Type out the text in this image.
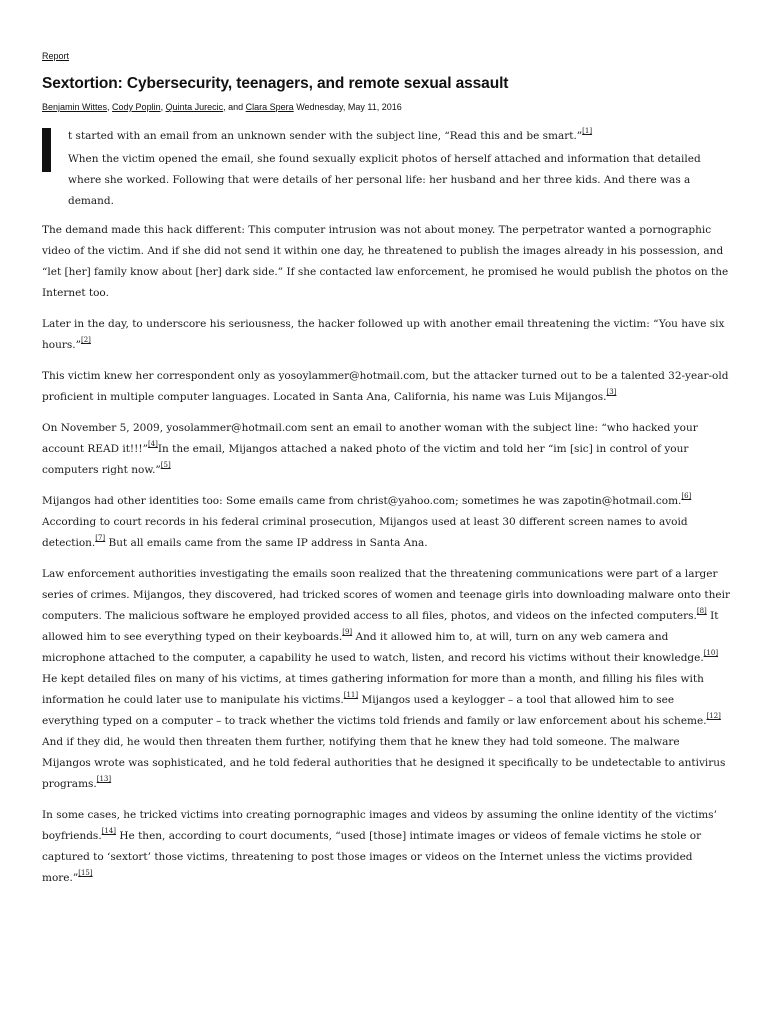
Report
Sextortion: Cybersecurity, teenagers, and remote sexual assault
Benjamin Wittes, Cody Poplin, Quinta Jurecic, and Clara Spera Wednesday, May 11, 2016

t started with an email from an unknown sender with the subject line, “Read this and be smart.”[1]

When the victim opened the email, she found sexually explicit photos of herself attached and information that detailed where she worked. Following that were details of her personal life: her husband and her three kids. And there was a demand.

The demand made this hack different: This computer intrusion was not about money. The perpetrator wanted a pornographic video of the victim. And if she did not send it within one day, he threatened to publish the images already in his possession, and “let [her] family know about [her] dark side.” If she contacted law enforcement, he promised he would publish the photos on the Internet too.

Later in the day, to underscore his seriousness, the hacker followed up with another email threatening the victim: “You have six hours.”[2]

This victim knew her correspondent only as yosoylammer@hotmail.com, but the attacker turned out to be a talented 32-year-old proficient in multiple computer languages. Located in Santa Ana, California, his name was Luis Mijangos.[3]

On November 5, 2009, yosolammer@hotmail.com sent an email to another woman with the subject line: “who hacked your account READ it!!!”[4]In the email, Mijangos attached a naked photo of the victim and told her “im [sic] in control of your computers right now.”[5]

Mijangos had other identities too: Some emails came from christ@yahoo.com; sometimes he was zapotin@hotmail.com.[6] According to court records in his federal criminal prosecution, Mijangos used at least 30 different screen names to avoid detection.[7] But all emails came from the same IP address in Santa Ana.

Law enforcement authorities investigating the emails soon realized that the threatening communications were part of a larger series of crimes. Mijangos, they discovered, had tricked scores of women and teenage girls into downloading malware onto their computers. The malicious software he employed provided access to all files, photos, and videos on the infected computers.[8] It allowed him to see everything typed on their keyboards.[9] And it allowed him to, at will, turn on any web camera and microphone attached to the computer, a capability he used to watch, listen, and record his victims without their knowledge.[10] He kept detailed files on many of his victims, at times gathering information for more than a month, and filling his files with information he could later use to manipulate his victims.[11] Mijangos used a keylogger – a tool that allowed him to see everything typed on a computer – to track whether the victims told friends and family or law enforcement about his scheme.[12] And if they did, he would then threaten them further, notifying them that he knew they had told someone. The malware Mijangos wrote was sophisticated, and he told federal authorities that he designed it specifically to be undetectable to antivirus programs.[13]

In some cases, he tricked victims into creating pornographic images and videos by assuming the online identity of the victims’ boyfriends.[14] He then, according to court documents, “used [those] intimate images or videos of female victims he stole or captured to ‘sextort’ those victims, threatening to post those images or videos on the Internet unless the victims provided more.”[15]
